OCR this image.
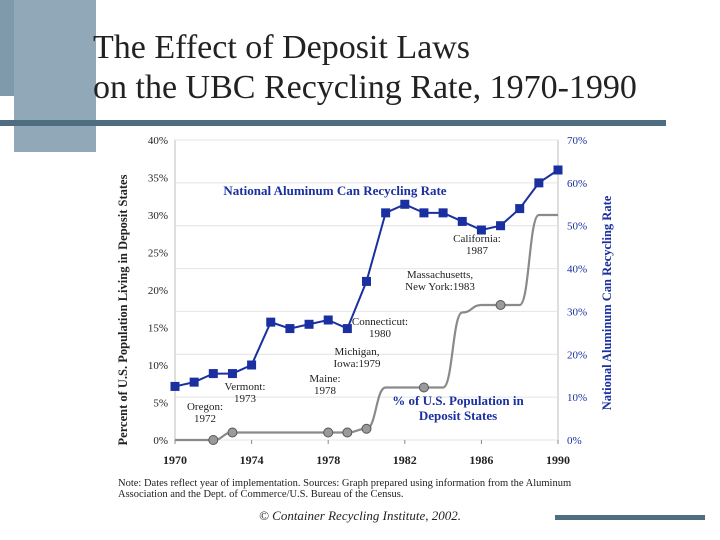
The Effect of Deposit Laws
on the UBC Recycling Rate, 1970-1990
0%
5%
10%
15%
20%
25%
30%
35%
40%
0%
10%
20%
30%
40%
50%
60%
70%
1970	1974	1978	1982	1986	1990
Percent of U.S. Population Living in Deposit States	National Aluminum Can Recycling Rate
National Aluminum Can Recycling Rate
% of U.S. Population in
Deposit States
Oregon:
1972
Vermont:
1973
Maine:
1978
Michigan,
Iowa:1979
Connecticut:
1980
Massachusetts,
New York:1983
California:
1987
Note: Dates reflect year of implementation. Sources: Graph prepared using information from the Aluminum
Association and the Dept. of Commerce/U.S. Bureau of the Census.
© Container Recycling Institute, 2002.
